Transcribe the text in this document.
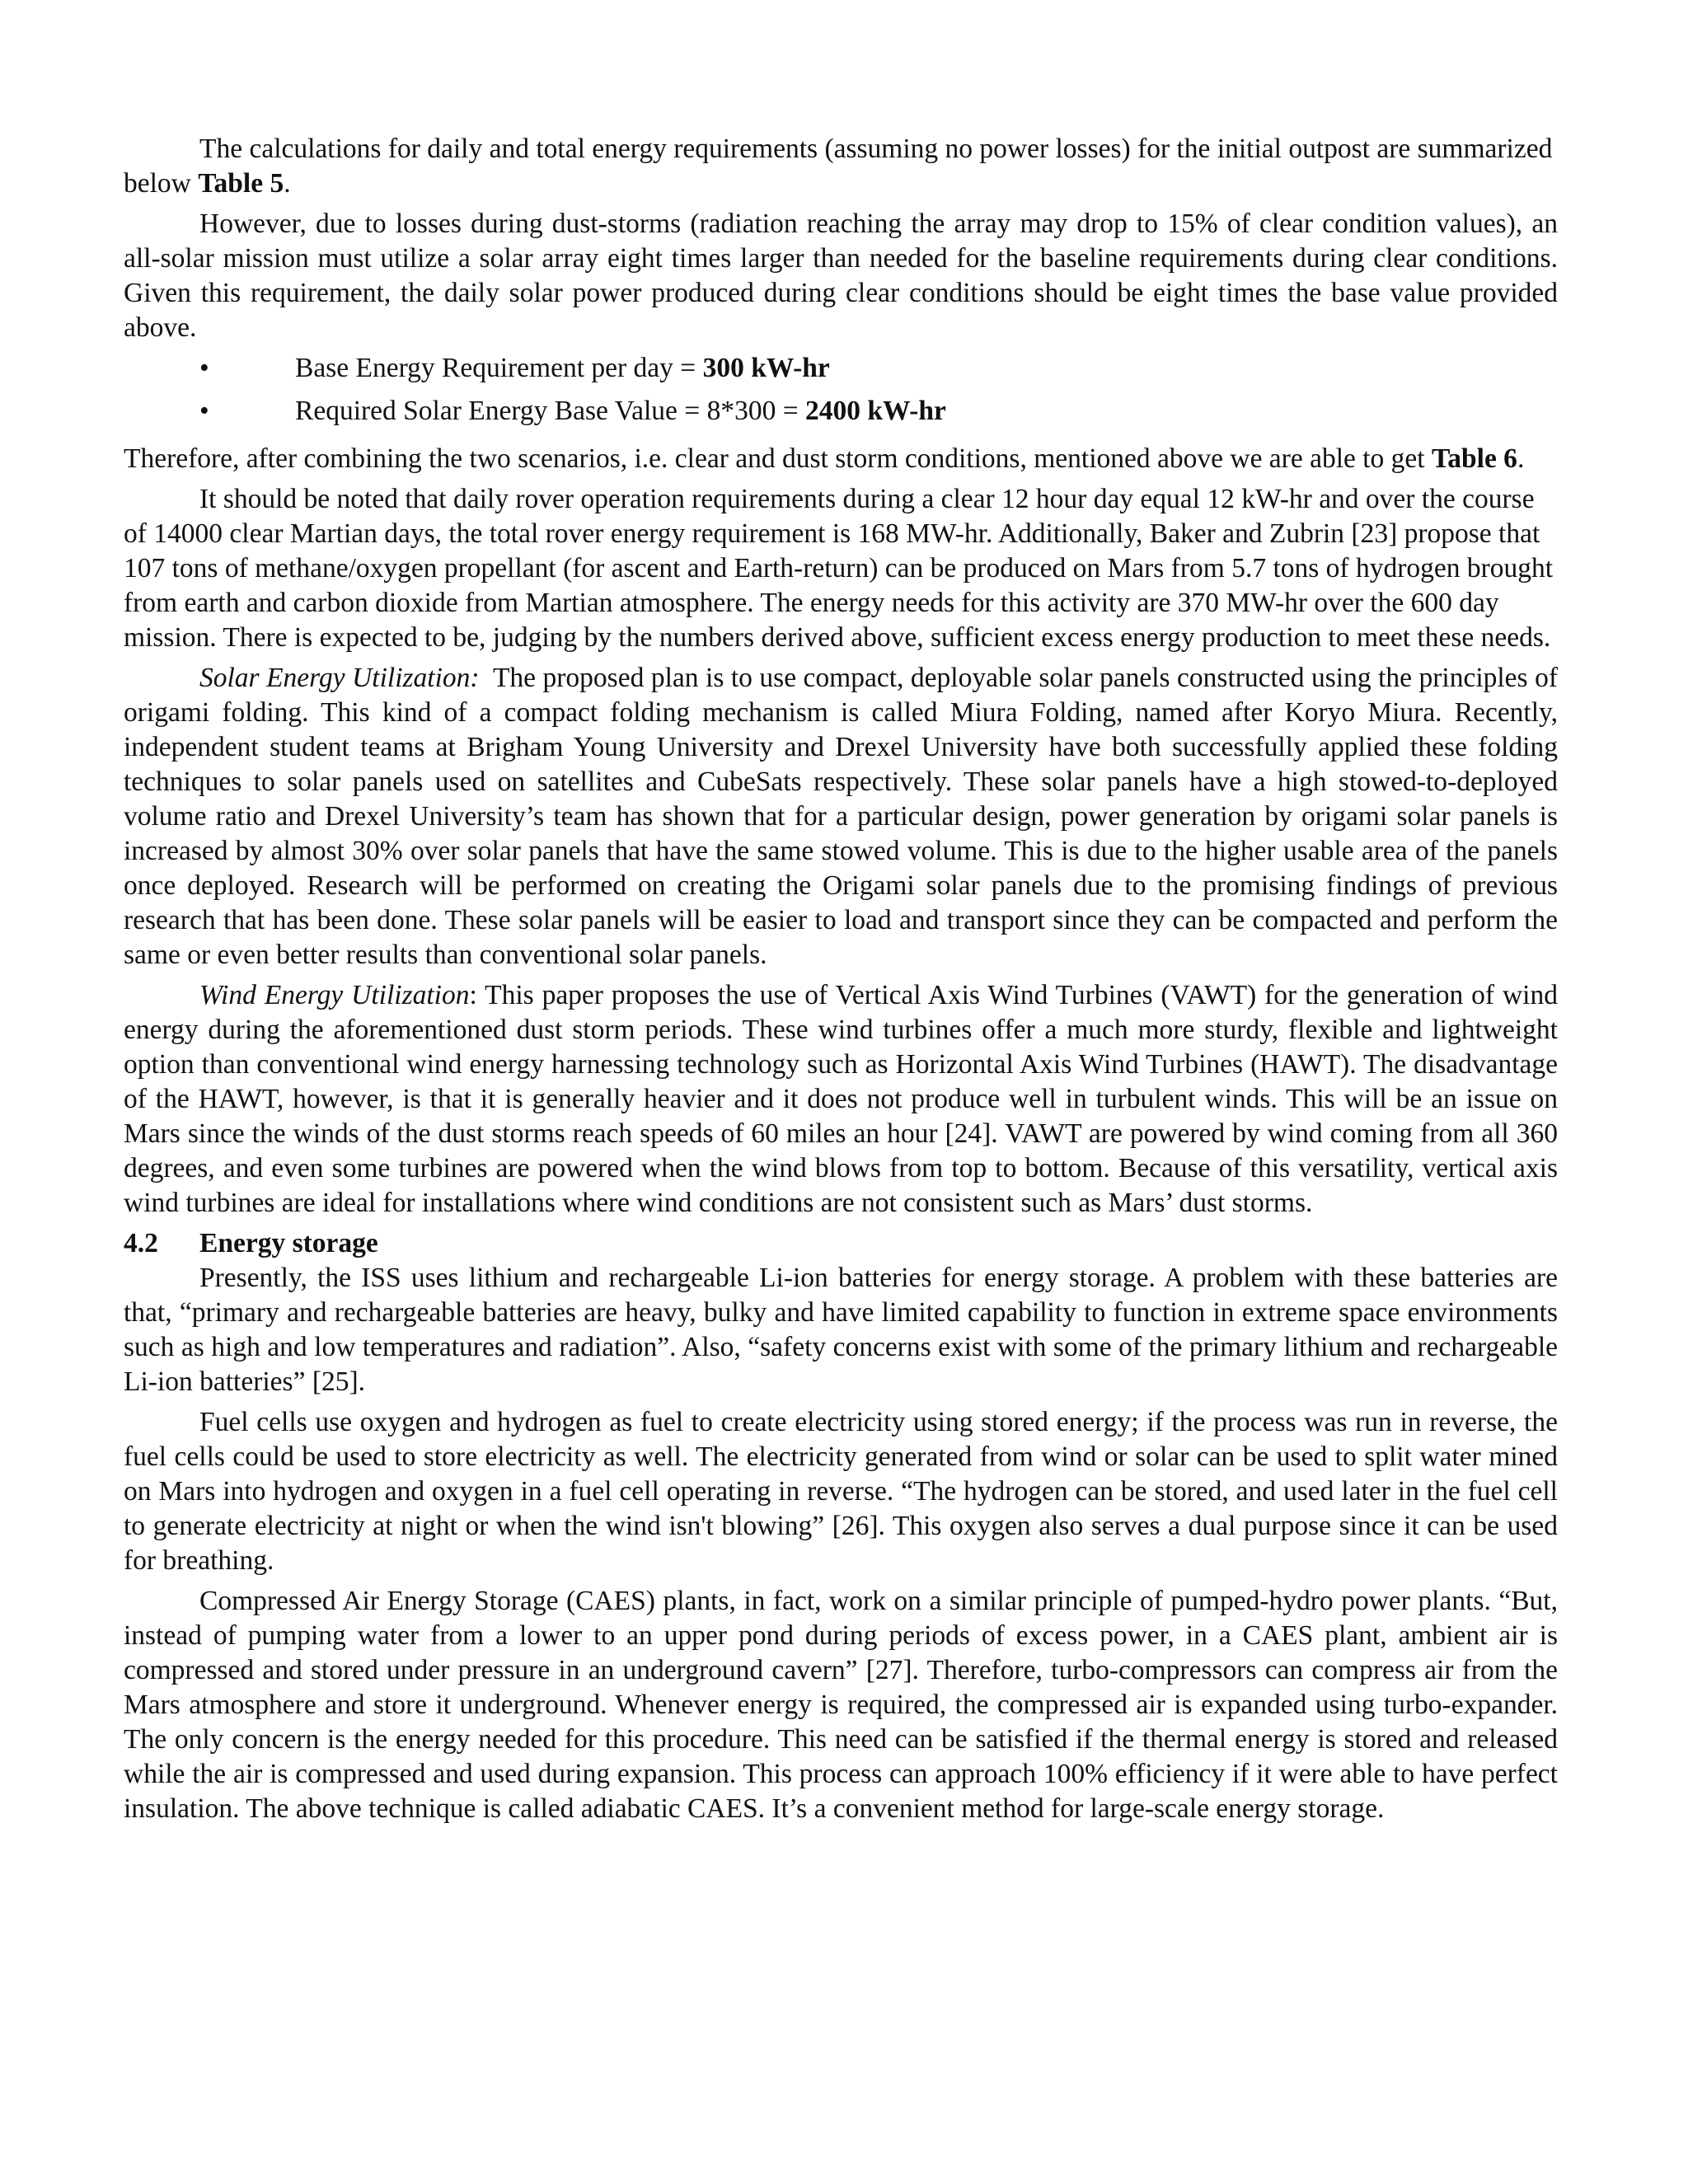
The calculations for daily and total energy requirements (assuming no power losses) for the initial outpost are summarized below Table 5.

However, due to losses during dust-storms (radiation reaching the array may drop to 15% of clear condition values), an all-solar mission must utilize a solar array eight times larger than needed for the baseline requirements during clear conditions. Given this requirement, the daily solar power produced during clear conditions should be eight times the base value provided above.

•	Base Energy Requirement per day = 300 kW-hr
•	Required Solar Energy Base Value = 8*300 = 2400 kW-hr

Therefore, after combining the two scenarios, i.e. clear and dust storm conditions, mentioned above we are able to get Table 6.

It should be noted that daily rover operation requirements during a clear 12 hour day equal 12 kW-hr and over the course of 14000 clear Martian days, the total rover energy requirement is 168 MW-hr. Additionally, Baker and Zubrin [23] propose that 107 tons of methane/oxygen propellant (for ascent and Earth-return) can be produced on Mars from 5.7 tons of hydrogen brought from earth and carbon dioxide from Martian atmosphere. The energy needs for this activity are 370 MW-hr over the 600 day mission. There is expected to be, judging by the numbers derived above, sufficient excess energy production to meet these needs.

Solar Energy Utilization:  The proposed plan is to use compact, deployable solar panels constructed using the principles of origami folding. This kind of a compact folding mechanism is called Miura Folding, named after Koryo Miura. Recently, independent student teams at Brigham Young University and Drexel University have both successfully applied these folding techniques to solar panels used on satellites and CubeSats respectively. These solar panels have a high stowed-to-deployed volume ratio and Drexel University’s team has shown that for a particular design, power generation by origami solar panels is increased by almost 30% over solar panels that have the same stowed volume. This is due to the higher usable area of the panels once deployed. Research will be performed on creating the Origami solar panels due to the promising findings of previous research that has been done. These solar panels will be easier to load and transport since they can be compacted and perform the same or even better results than conventional solar panels.

Wind Energy Utilization: This paper proposes the use of Vertical Axis Wind Turbines (VAWT) for the generation of wind energy during the aforementioned dust storm periods. These wind turbines offer a much more sturdy, flexible and lightweight option than conventional wind energy harnessing technology such as Horizontal Axis Wind Turbines (HAWT). The disadvantage of the HAWT, however, is that it is generally heavier and it does not produce well in turbulent winds. This will be an issue on Mars since the winds of the dust storms reach speeds of 60 miles an hour [24]. VAWT are powered by wind coming from all 360 degrees, and even some turbines are powered when the wind blows from top to bottom. Because of this versatility, vertical axis wind turbines are ideal for installations where wind conditions are not consistent such as Mars’ dust storms.

4.2 Energy storage

Presently, the ISS uses lithium and rechargeable Li-ion batteries for energy storage. A problem with these batteries are that, “primary and rechargeable batteries are heavy, bulky and have limited capability to function in extreme space environments such as high and low temperatures and radiation”. Also, “safety concerns exist with some of the primary lithium and rechargeable Li-ion batteries” [25].

Fuel cells use oxygen and hydrogen as fuel to create electricity using stored energy; if the process was run in reverse, the fuel cells could be used to store electricity as well. The electricity generated from wind or solar can be used to split water mined on Mars into hydrogen and oxygen in a fuel cell operating in reverse. “The hydrogen can be stored, and used later in the fuel cell to generate electricity at night or when the wind isn't blowing” [26]. This oxygen also serves a dual purpose since it can be used for breathing.

Compressed Air Energy Storage (CAES) plants, in fact, work on a similar principle of pumped-hydro power plants. “But, instead of pumping water from a lower to an upper pond during periods of excess power, in a CAES plant, ambient air is compressed and stored under pressure in an underground cavern” [27]. Therefore, turbo-compressors can compress air from the Mars atmosphere and store it underground. Whenever energy is required, the compressed air is expanded using turbo-expander. The only concern is the energy needed for this procedure. This need can be satisfied if the thermal energy is stored and released while the air is compressed and used during expansion. This process can approach 100% efficiency if it were able to have perfect insulation. The above technique is called adiabatic CAES. It’s a convenient method for large-scale energy storage.
